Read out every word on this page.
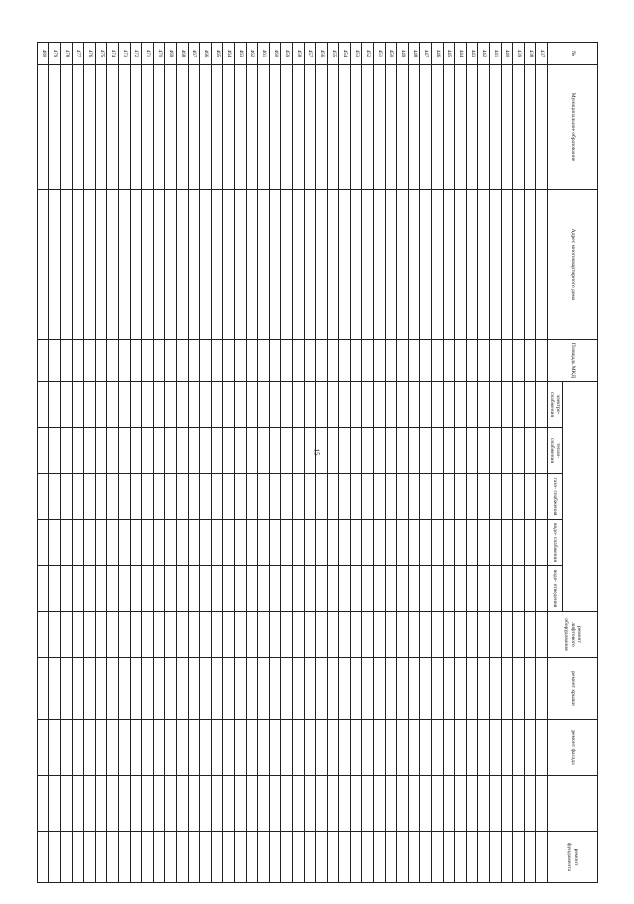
15
№	Муниципальное образование	Адрес многоквартирного дома	Площадь МКД						ремонт лифтового оборудования	ремонт крыши	ремонт фасада		ремонт фундамента
				электро- снабжения	тепло- снабжения	газо- снабжения	водо- снабжения	водо- отведения					
437													
438													
439													
440													
441													
442													
443													
444													
445													
446													
447													
448													
449													
450													
451													
452													
453													
454													
455													
456													
457													
458													
459													
460													
461													
462													
463													
464													
465													
466													
467													
468													
469													
470													
471													
472													
473													
474													
475													
476													
477													
478													
479													
480													
